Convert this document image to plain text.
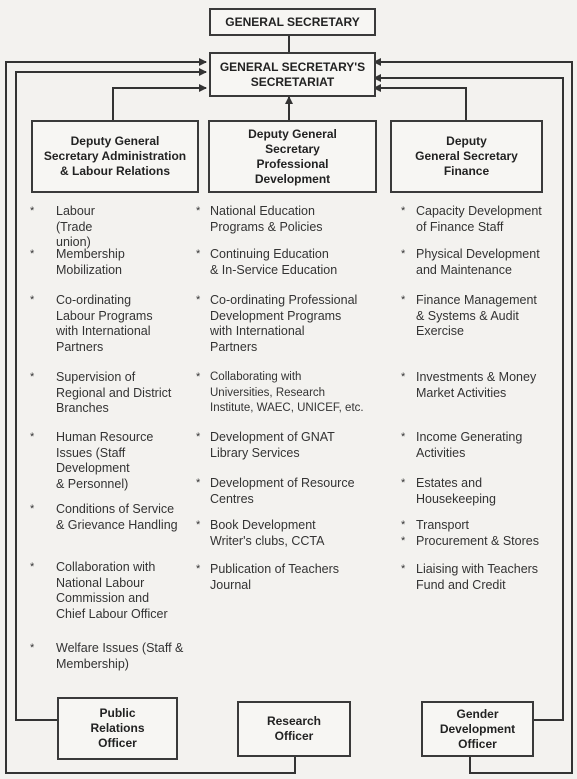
GENERAL SECRETARY
GENERAL SECRETARY'S
SECRETARIAT
Deputy General
Secretary Administration
& Labour Relations
Deputy General
Secretary
Professional
Development
Deputy
General Secretary
Finance
* Labour
(Trade union)
* Membership
Mobilization
* Co-ordinating
Labour Programs
with International
Partners
* Supervision of
Regional and District
Branches
* Human Resource
Issues (Staff
Development
& Personnel)
* Conditions of Service
& Grievance Handling
* Collaboration with
National Labour
Commission and
Chief Labour Officer
* Welfare Issues (Staff &
Membership)
* National Education
Programs & Policies
* Continuing Education
& In-Service Education
* Co-ordinating Professional
Development Programs
with International
Partners
* Collaborating with
Universities, Research
Institute, WAEC, UNICEF, etc.
* Development of GNAT
Library Services
* Development of Resource
Centres
* Book Development
Writer's clubs, CCTA
* Publication of Teachers
Journal
* Capacity Development
of Finance Staff
* Physical Development
and Maintenance
* Finance Management
& Systems & Audit
Exercise
* Investments & Money
Market Activities
* Income Generating
Activities
* Estates and
Housekeeping
* Transport
* Procurement & Stores
* Liaising with Teachers
Fund and Credit
Public
Relations
Officer
Research
Officer
Gender
Development
Officer
